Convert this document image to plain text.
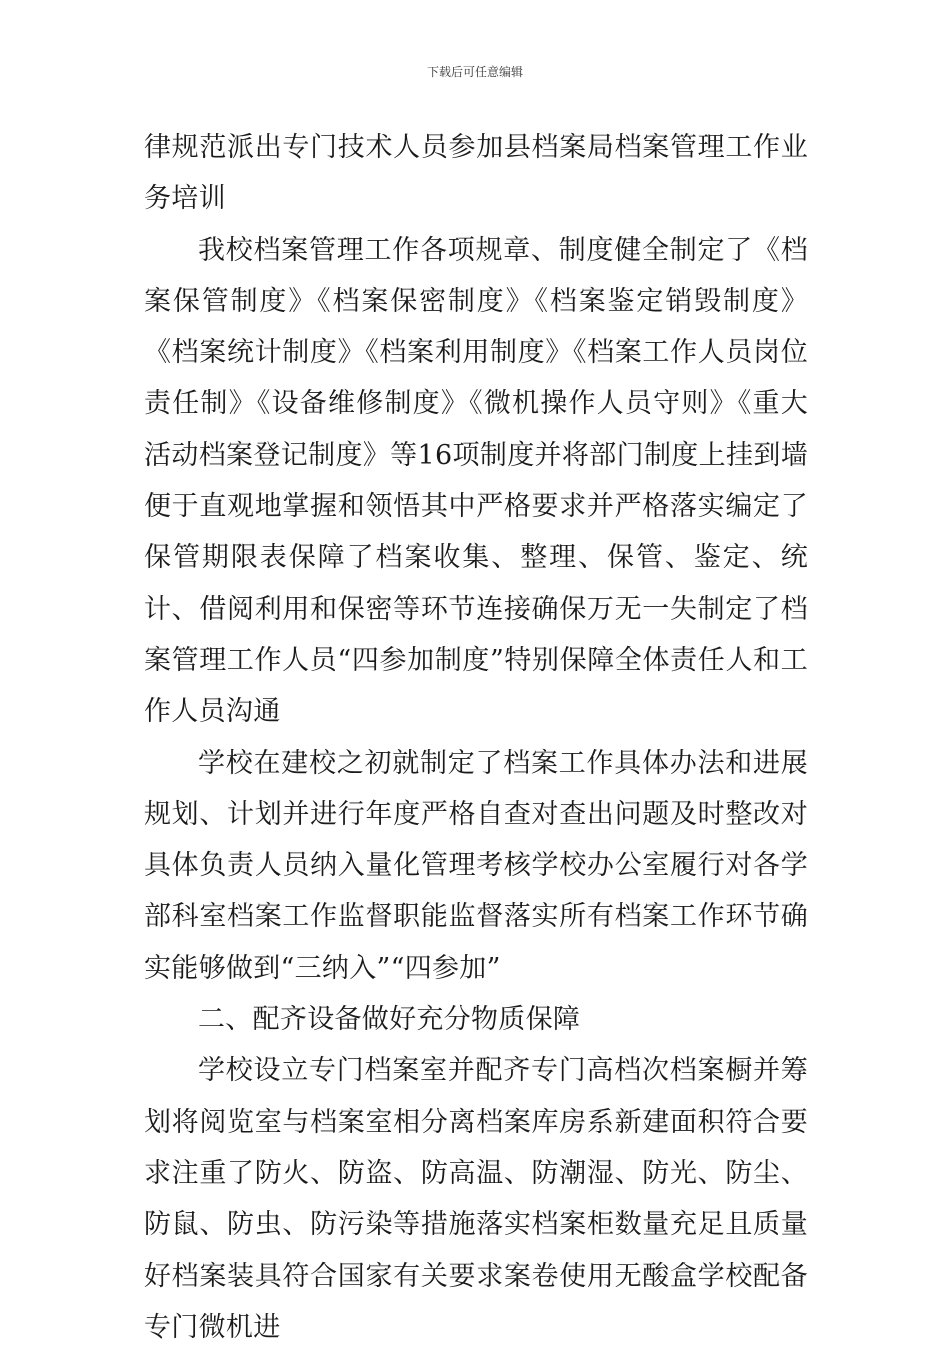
下载后可任意编辑

律规范派出专门技术人员参加县档案局档案管理工作业务培训

我校档案管理工作各项规章、制度健全制定了《档案保管制度》《档案保密制度》《档案鉴定销毁制度》《档案统计制度》《档案利用制度》《档案工作人员岗位责任制》《设备维修制度》《微机操作人员守则》《重大活动档案登记制度》等16项制度并将部门制度上挂到墙便于直观地掌握和领悟其中严格要求并严格落实编定了保管期限表保障了档案收集、整理、保管、鉴定、统计、借阅利用和保密等环节连接确保万无一失制定了档案管理工作人员“四参加制度”特别保障全体责任人和工作人员沟通

学校在建校之初就制定了档案工作具体办法和进展规划、计划并进行年度严格自查对查出问题及时整改对具体负责人员纳入量化管理考核学校办公室履行对各学部科室档案工作监督职能监督落实所有档案工作环节确实能够做到“三纳入”“四参加”

二、配齐设备做好充分物质保障

学校设立专门档案室并配齐专门高档次档案橱并筹划将阅览室与档案室相分离档案库房系新建面积符合要求注重了防火、防盗、防高温、防潮湿、防光、防尘、防鼠、防虫、防污染等措施落实档案柜数量充足且质量好档案装具符合国家有关要求案卷使用无酸盒学校配备专门微机进
